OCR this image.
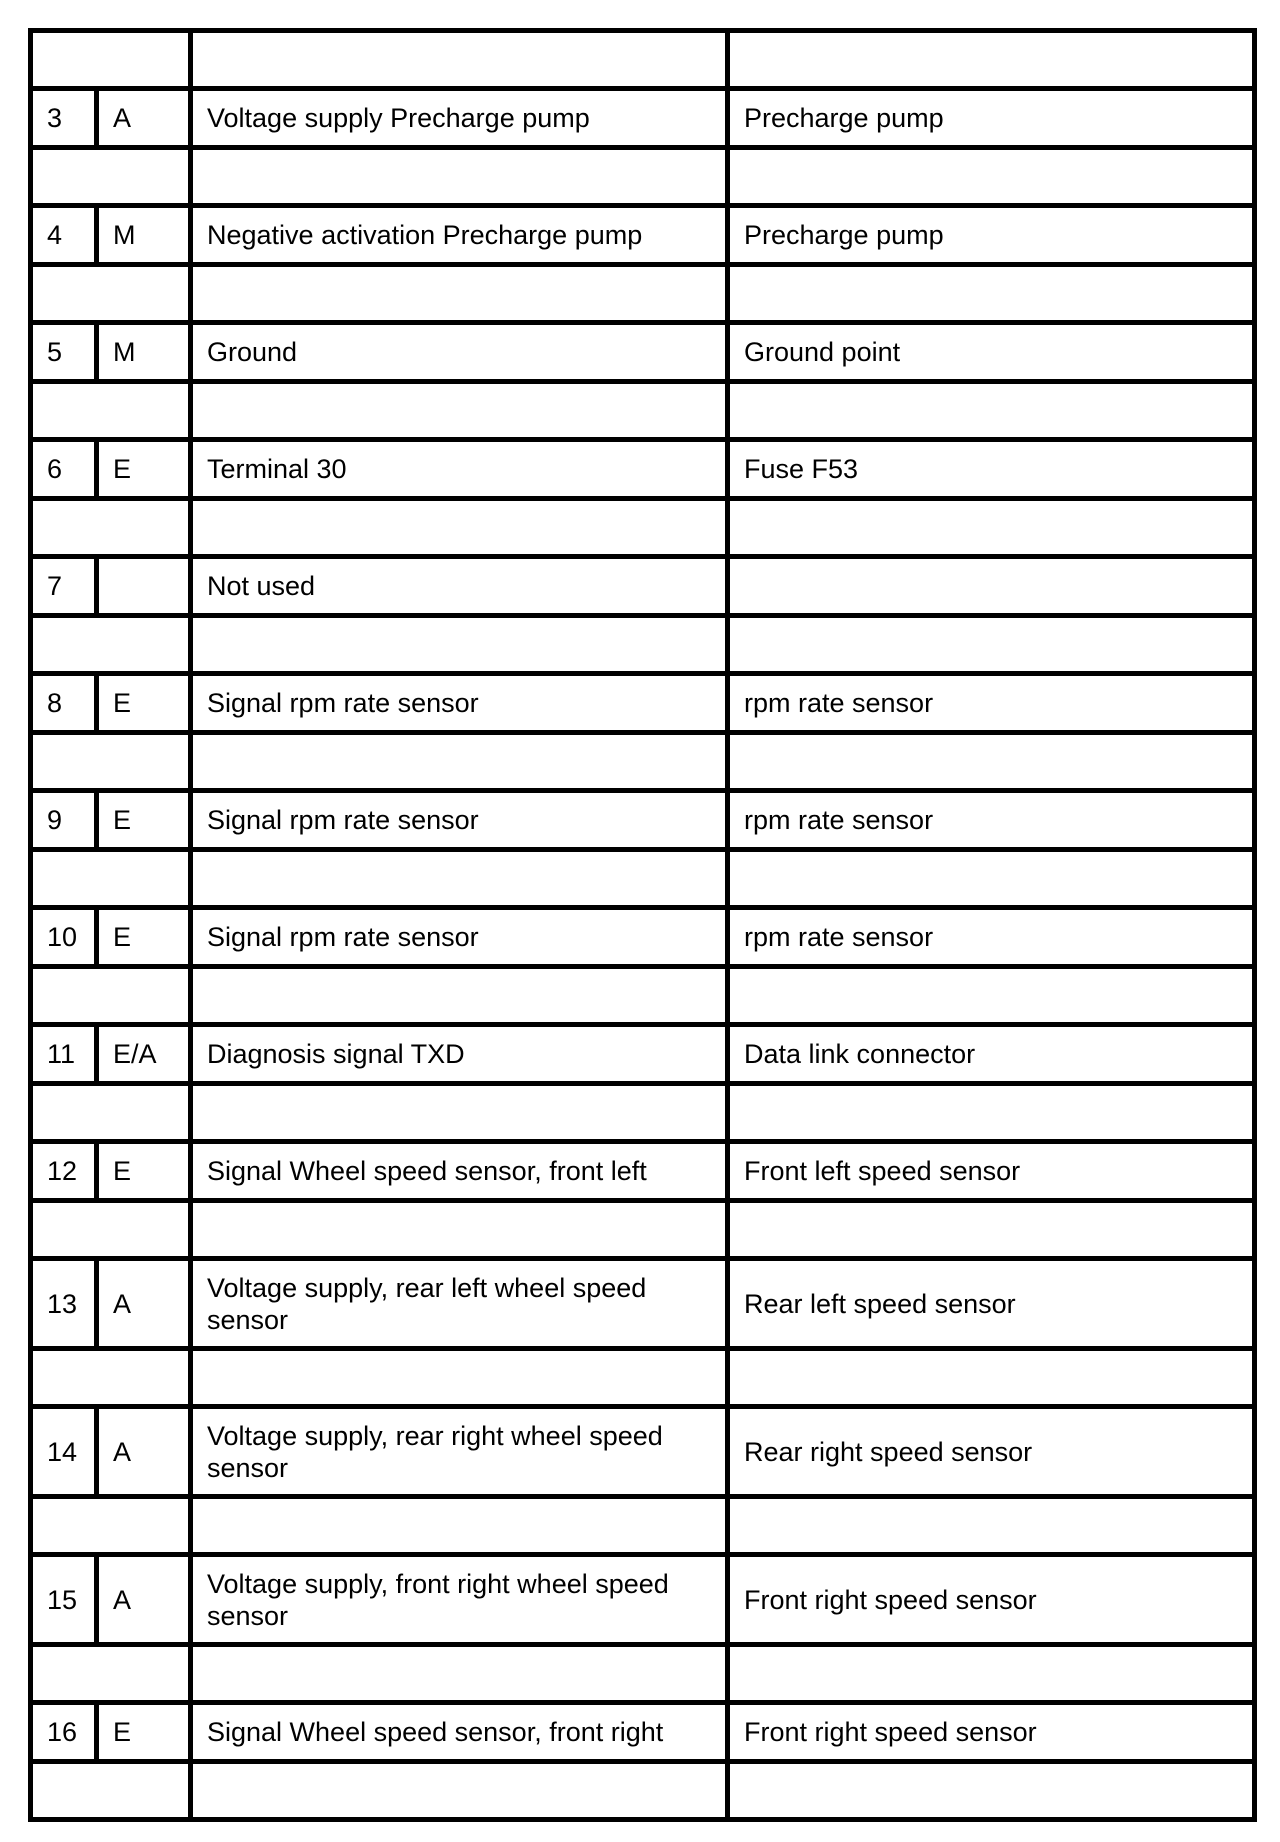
3	A	Voltage supply Precharge pump	Precharge pump

4	M	Negative activation Precharge pump	Precharge pump

5	M	Ground	Ground point

6	E	Terminal 30	Fuse F53

7		Not used	

8	E	Signal rpm rate sensor	rpm rate sensor

9	E	Signal rpm rate sensor	rpm rate sensor

10	E	Signal rpm rate sensor	rpm rate sensor

11	E/A	Diagnosis signal TXD	Data link connector

12	E	Signal Wheel speed sensor, front left	Front left speed sensor

13	A	Voltage supply, rear left wheel speed sensor	Rear left speed sensor

14	A	Voltage supply, rear right wheel speed sensor	Rear right speed sensor

15	A	Voltage supply, front right wheel speed sensor	Front right speed sensor

16	E	Signal Wheel speed sensor, front right	Front right speed sensor
